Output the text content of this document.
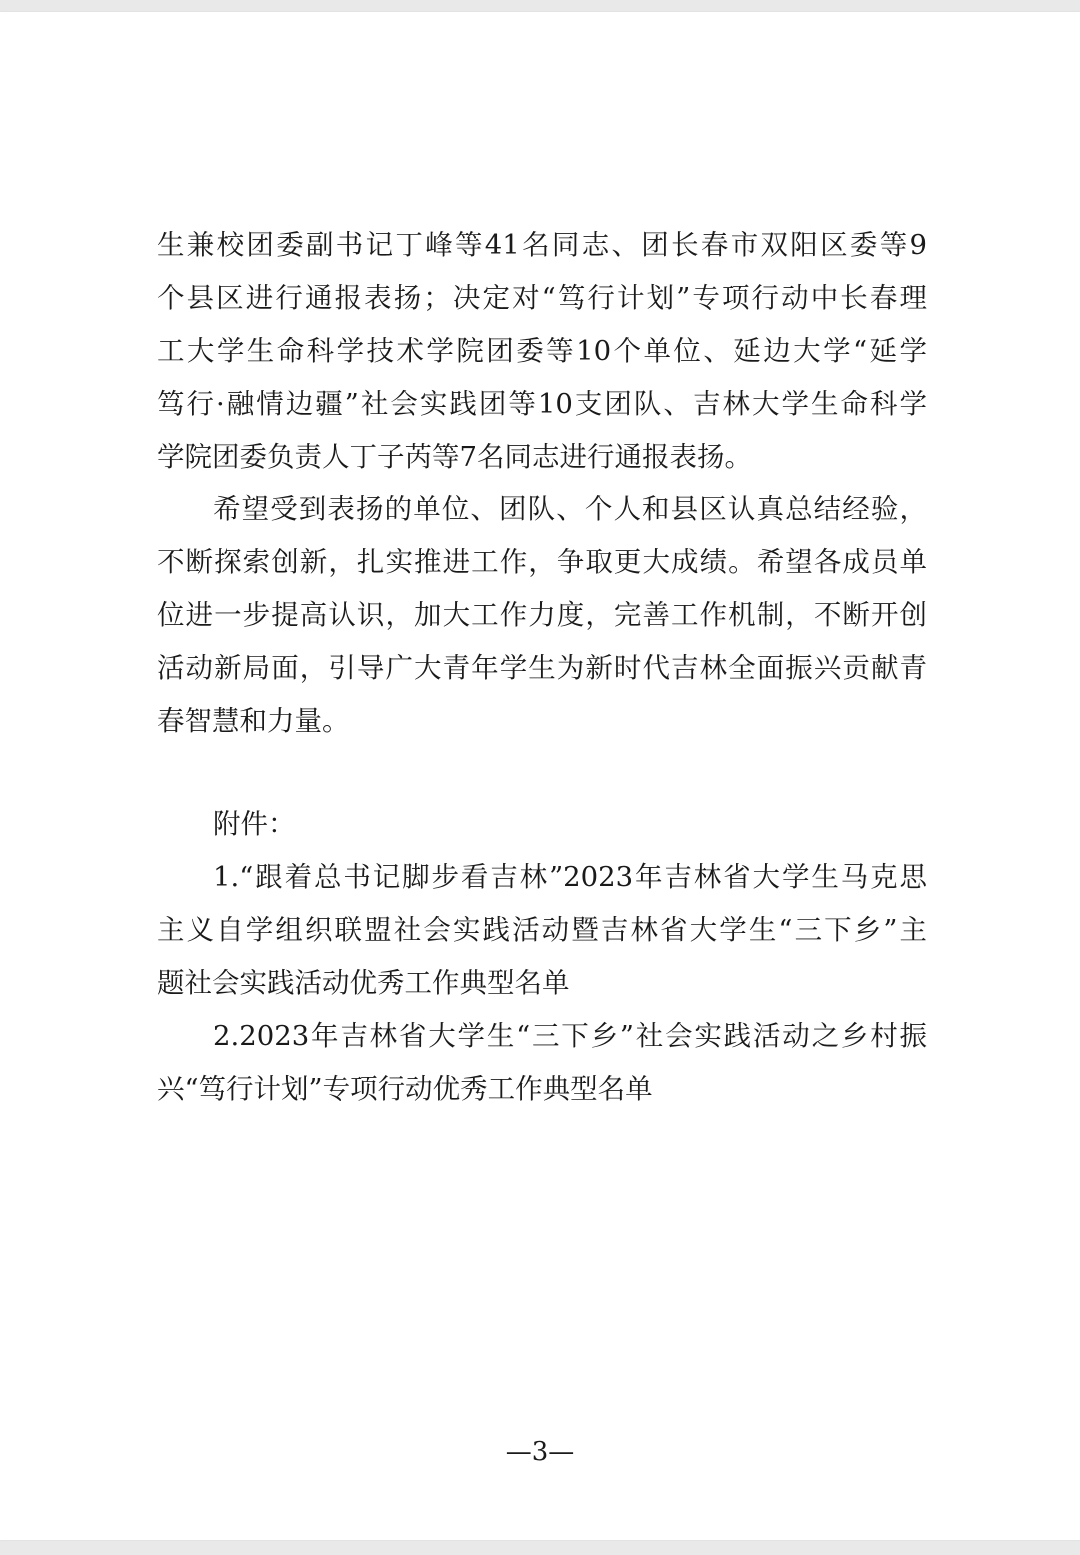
生兼校团委副书记丁峰等41名同志、团长春市双阳区委等9
个县区进行通报表扬；决定对“笃行计划”专项行动中长春理
工大学生命科学技术学院团委等10个单位、延边大学“延学
笃行·融情边疆”社会实践团等10支团队、吉林大学生命科学
学院团委负责人丁子芮等7名同志进行通报表扬。
希望受到表扬的单位、团队、个人和县区认真总结经验，
不断探索创新，扎实推进工作，争取更大成绩。希望各成员单
位进一步提高认识，加大工作力度，完善工作机制，不断开创
活动新局面，引导广大青年学生为新时代吉林全面振兴贡献青
春智慧和力量。
附件：
1.“跟着总书记脚步看吉林”2023年吉林省大学生马克思
主义自学组织联盟社会实践活动暨吉林省大学生“三下乡”主
题社会实践活动优秀工作典型名单
2.2023年吉林省大学生“三下乡”社会实践活动之乡村振
兴“笃行计划”专项行动优秀工作典型名单
—3—
